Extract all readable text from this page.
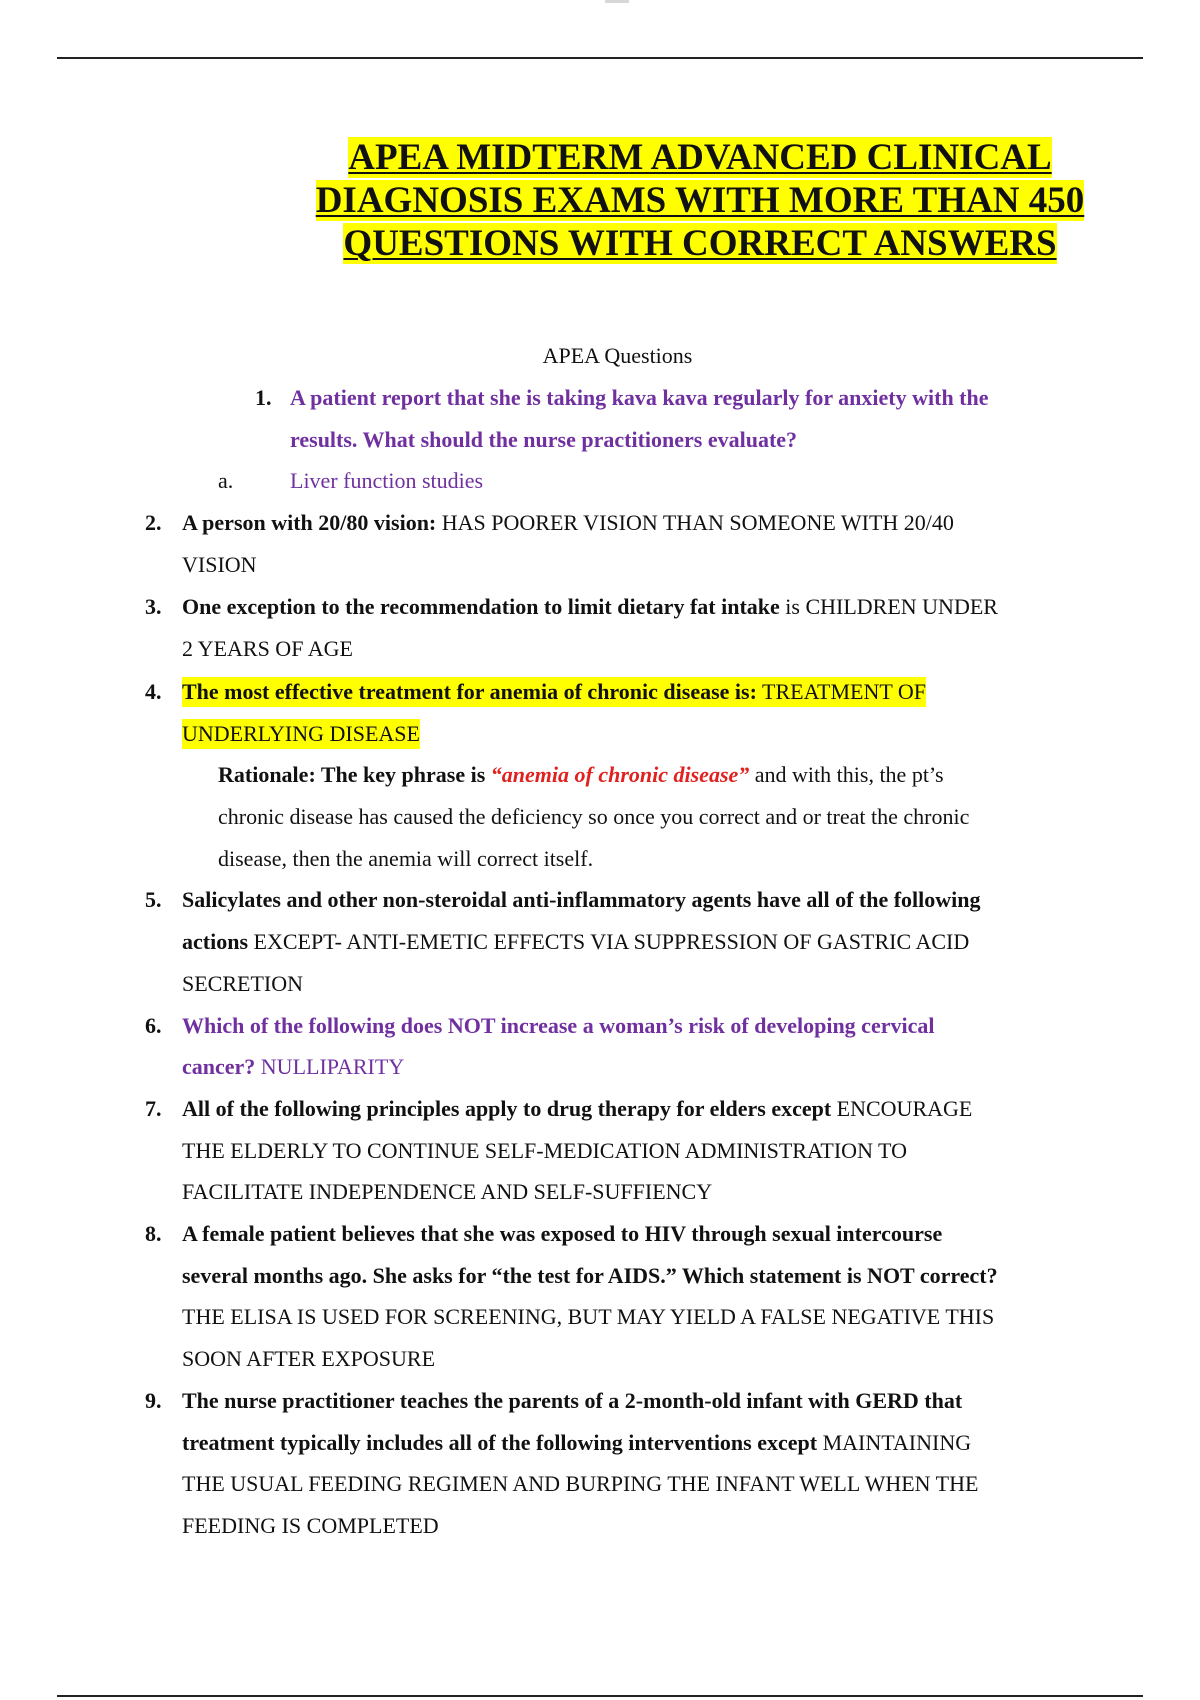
APEA MIDTERM ADVANCED CLINICAL
DIAGNOSIS EXAMS WITH MORE THAN 450
QUESTIONS WITH CORRECT ANSWERS
APEA Questions
1. A patient report that she is taking kava kava regularly for anxiety with the
results. What should the nurse practitioners evaluate?
a.	Liver function studies
2. A person with 20/80 vision: HAS POORER VISION THAN SOMEONE WITH 20/40
VISION
3. One exception to the recommendation to limit dietary fat intake is CHILDREN UNDER
2 YEARS OF AGE
4. The most effective treatment for anemia of chronic disease is: TREATMENT OF
UNDERLYING DISEASE
Rationale: The key phrase is “anemia of chronic disease” and with this, the pt’s
chronic disease has caused the deficiency so once you correct and or treat the chronic
disease, then the anemia will correct itself.
5. Salicylates and other non-steroidal anti-inflammatory agents have all of the following
actions EXCEPT- ANTI-EMETIC EFFECTS VIA SUPPRESSION OF GASTRIC ACID
SECRETION
6. Which of the following does NOT increase a woman’s risk of developing cervical
cancer? NULLIPARITY
7. All of the following principles apply to drug therapy for elders except ENCOURAGE
THE ELDERLY TO CONTINUE SELF-MEDICATION ADMINISTRATION TO
FACILITATE INDEPENDENCE AND SELF-SUFFIENCY
8. A female patient believes that she was exposed to HIV through sexual intercourse
several months ago. She asks for “the test for AIDS.” Which statement is NOT correct?
THE ELISA IS USED FOR SCREENING, BUT MAY YIELD A FALSE NEGATIVE THIS
SOON AFTER EXPOSURE
9. The nurse practitioner teaches the parents of a 2-month-old infant with GERD that
treatment typically includes all of the following interventions except MAINTAINING
THE USUAL FEEDING REGIMEN AND BURPING THE INFANT WELL WHEN THE
FEEDING IS COMPLETED
